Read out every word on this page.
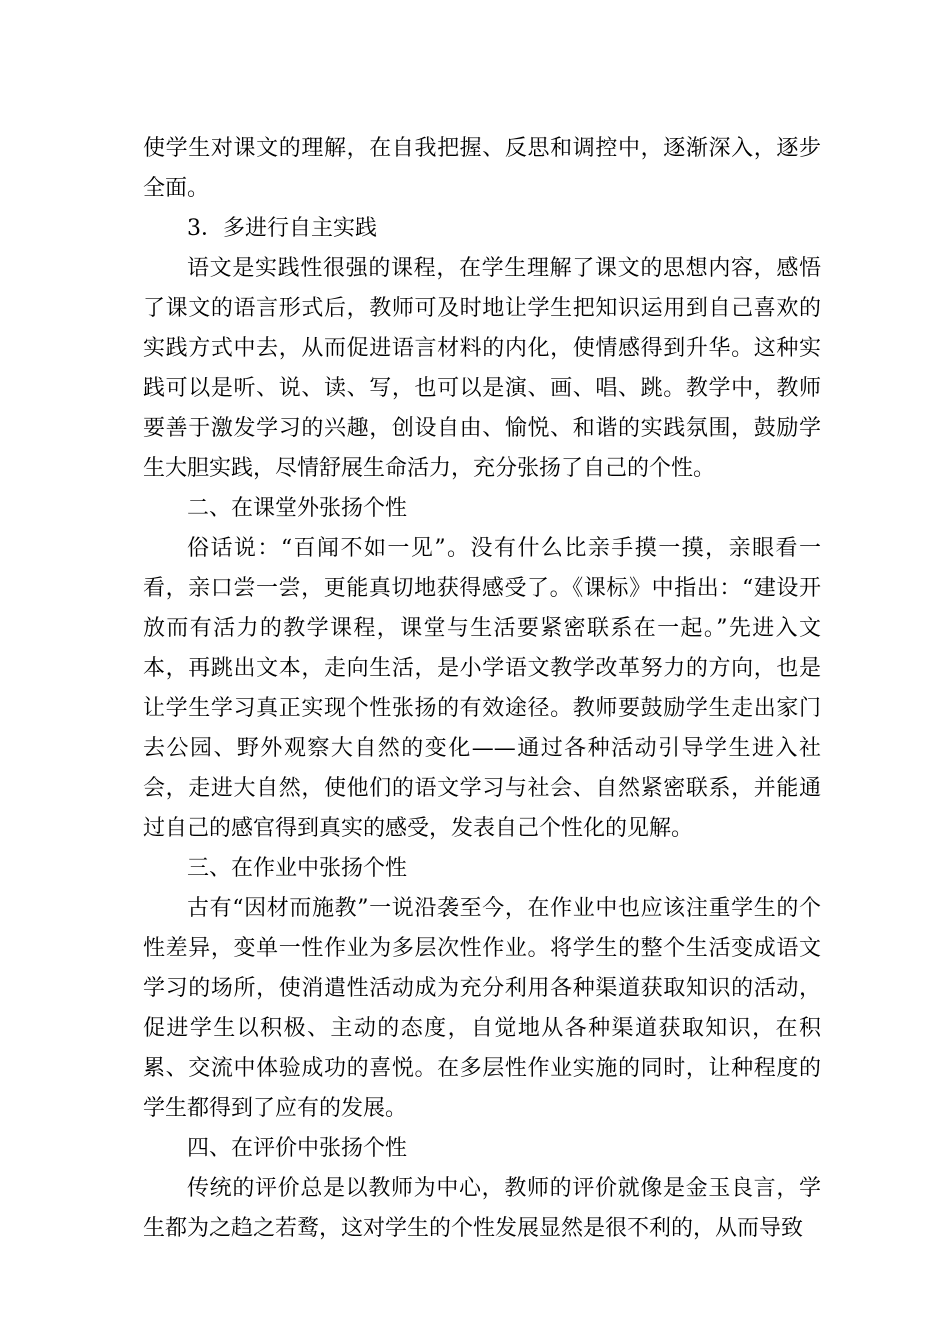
使学生对课文的理解，在自我把握、反思和调控中，逐渐深入，逐步全面。

3．多进行自主实践

语文是实践性很强的课程，在学生理解了课文的思想内容，感悟了课文的语言形式后，教师可及时地让学生把知识运用到自己喜欢的实践方式中去，从而促进语言材料的内化，使情感得到升华。这种实践可以是听、说、读、写，也可以是演、画、唱、跳。教学中，教师要善于激发学习的兴趣，创设自由、愉悦、和谐的实践氛围，鼓励学生大胆实践，尽情舒展生命活力，充分张扬了自己的个性。

二、在课堂外张扬个性

俗话说：“百闻不如一见”。没有什么比亲手摸一摸，亲眼看一看，亲口尝一尝，更能真切地获得感受了。《课标》中指出：“建设开放而有活力的教学课程，课堂与生活要紧密联系在一起。”先进入文本，再跳出文本，走向生活，是小学语文教学改革努力的方向，也是让学生学习真正实现个性张扬的有效途径。教师要鼓励学生走出家门去公园、野外观察大自然的变化——通过各种活动引导学生进入社会，走进大自然，使他们的语文学习与社会、自然紧密联系，并能通过自己的感官得到真实的感受，发表自己个性化的见解。

三、在作业中张扬个性

古有“因材而施教”一说沿袭至今，在作业中也应该注重学生的个性差异，变单一性作业为多层次性作业。将学生的整个生活变成语文学习的场所，使消遣性活动成为充分利用各种渠道获取知识的活动，促进学生以积极、主动的态度，自觉地从各种渠道获取知识，在积累、交流中体验成功的喜悦。在多层性作业实施的同时，让种程度的学生都得到了应有的发展。

四、在评价中张扬个性

传统的评价总是以教师为中心，教师的评价就像是金玉良言，学生都为之趋之若鹜，这对学生的个性发展显然是很不利的，从而导致
